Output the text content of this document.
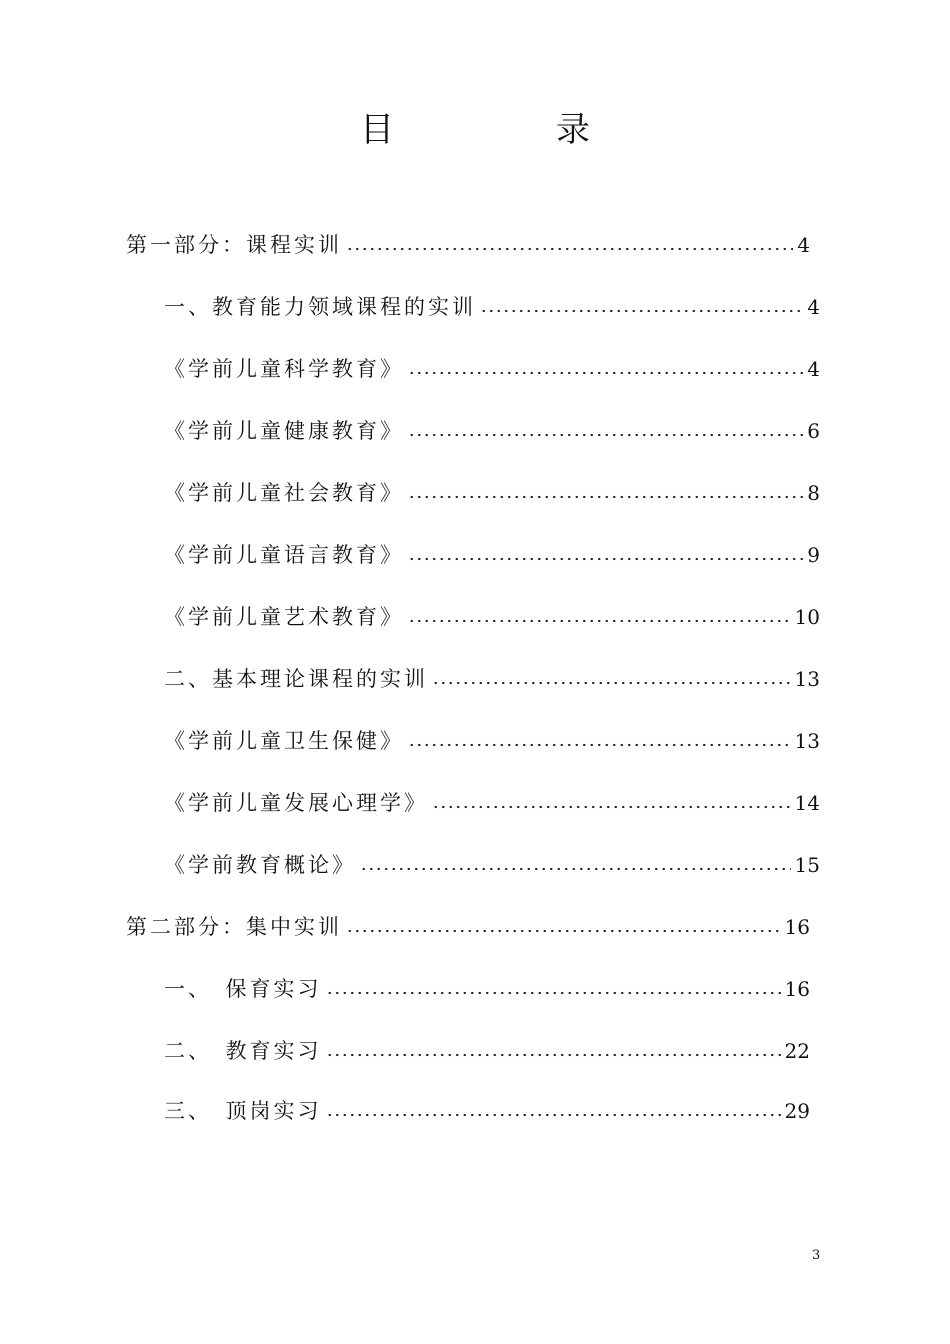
目　录
第一部分：课程实训	4
一、教育能力领域课程的实训	4
《学前儿童科学教育》	4
《学前儿童健康教育》	6
《学前儿童社会教育》	8
《学前儿童语言教育》	9
《学前儿童艺术教育》	10
二、基本理论课程的实训	13
《学前儿童卫生保健》	13
《学前儿童发展心理学》	14
《学前教育概论》	15
第二部分：集中实训	16
一、　保育实习	16
二、　教育实习	22
三、　顶岗实习	29
3
